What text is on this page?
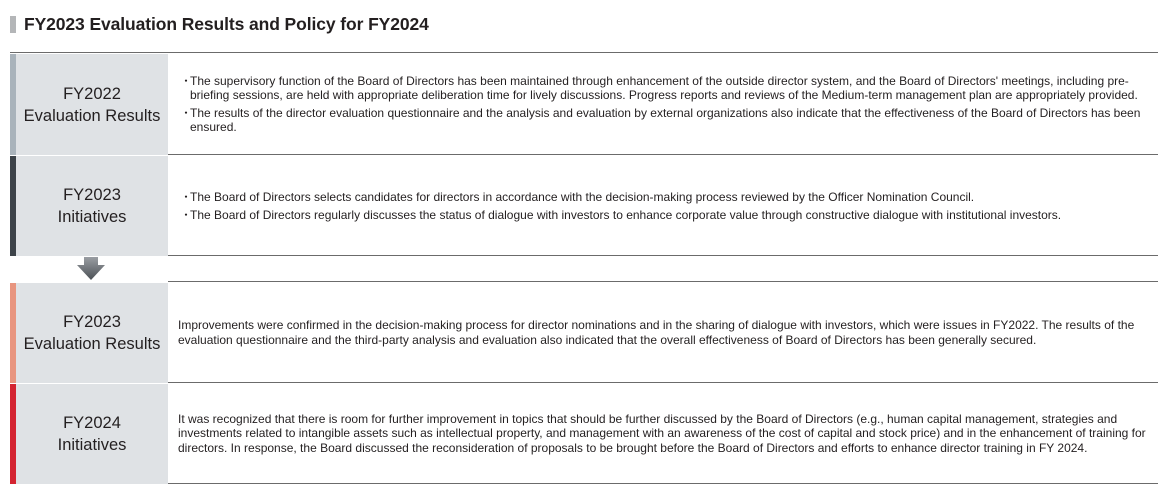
FY2023 Evaluation Results and Policy for FY2024
FY2022
Evaluation Results
・
The supervisory function of the Board of Directors has been maintained through enhancement of the outside director system, and the Board of Directors' meetings, including pre-briefing sessions, are held with appropriate deliberation time for lively discussions. Progress reports and reviews of the Medium-term management plan are appropriately provided.
・
The results of the director evaluation questionnaire and the analysis and evaluation by external organizations also indicate that the effectiveness of the Board of Directors has been ensured.
FY2023
Initiatives
・
The Board of Directors selects candidates for directors in accordance with the decision-making process reviewed by the Officer Nomination Council.
・
The Board of Directors regularly discusses the status of dialogue with investors to enhance corporate value through constructive dialogue with institutional investors.
FY2023
Evaluation Results
Improvements were confirmed in the decision-making process for director nominations and in the sharing of dialogue with investors, which were issues in FY2022. The results of the evaluation questionnaire and the third-party analysis and evaluation also indicated that the overall effectiveness of Board of Directors has been generally secured.
FY2024
Initiatives
It was recognized that there is room for further improvement in topics that should be further discussed by the Board of Directors (e.g., human capital management, strategies and investments related to intangible assets such as intellectual property, and management with an awareness of the cost of capital and stock price) and in the enhancement of training for directors. In response, the Board discussed the reconsideration of proposals to be brought before the Board of Directors and efforts to enhance director training in FY 2024.
